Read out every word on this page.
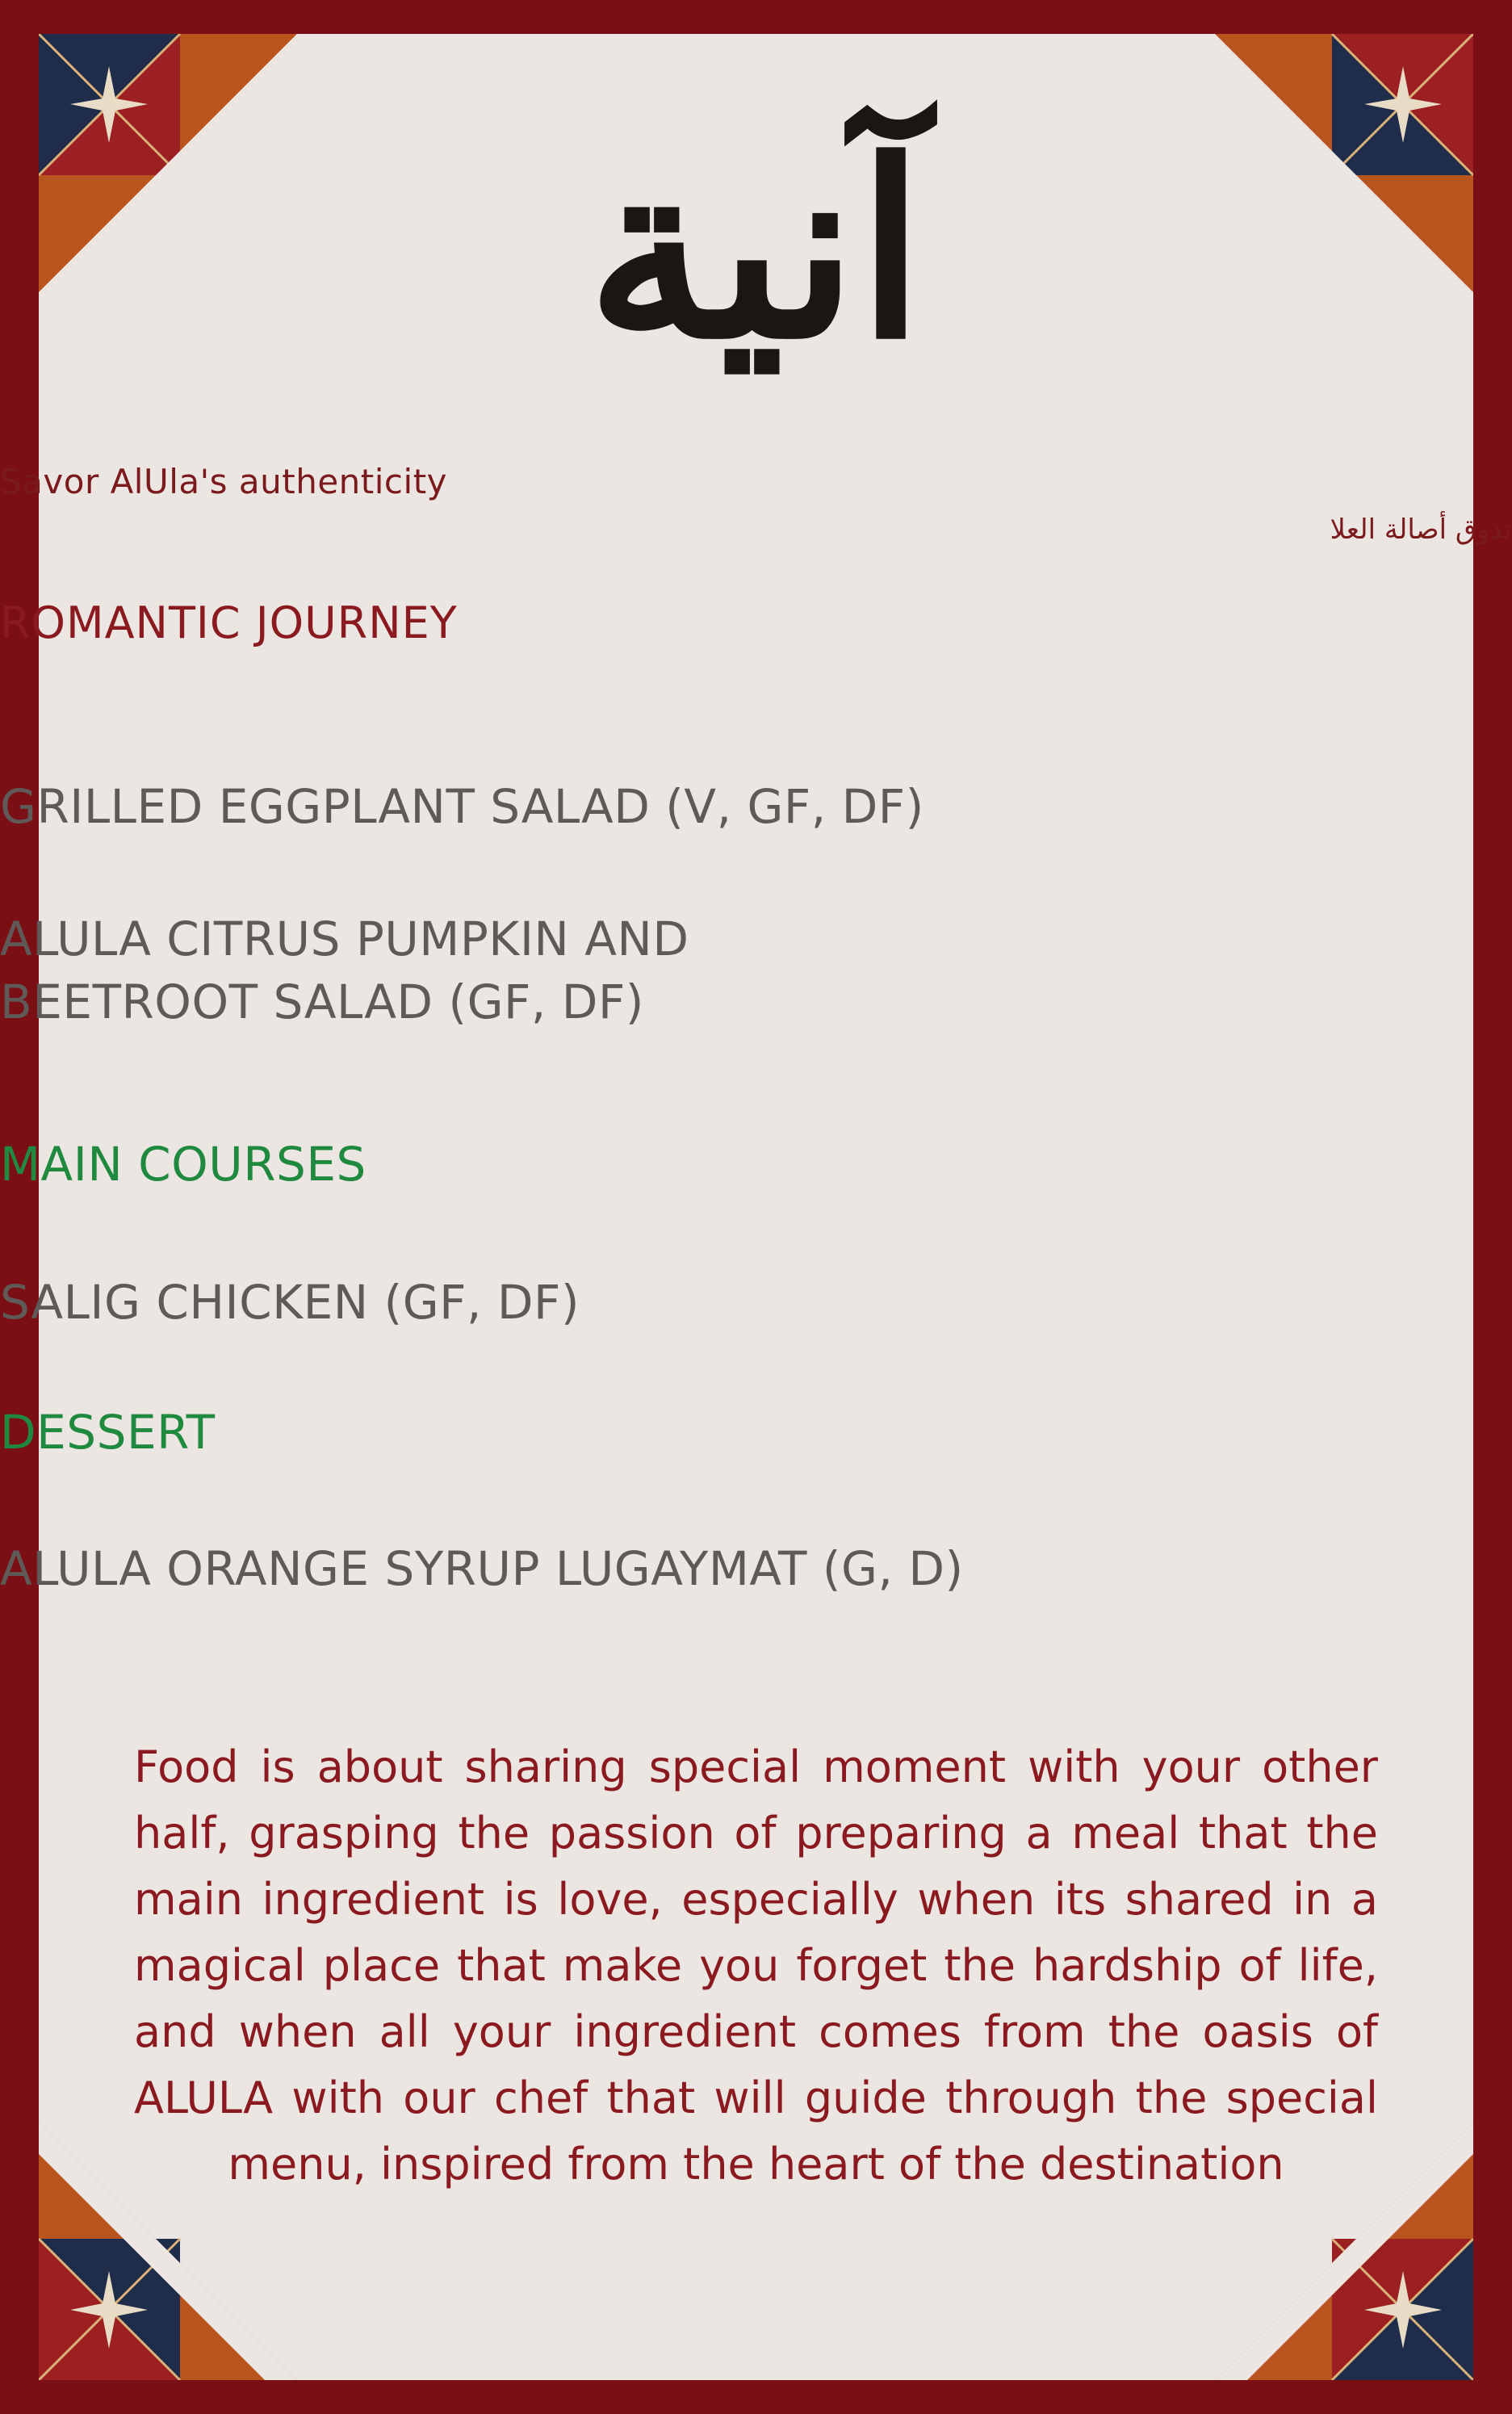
آنية
Savor AlUla's authenticity
تذوق أصالة العلا
ROMANTIC JOURNEY
GRILLED EGGPLANT SALAD (V, GF, DF)
ALULA CITRUS PUMPKIN AND
BEETROOT SALAD (GF, DF)
MAIN COURSES
SALIG CHICKEN (GF, DF)
DESSERT
ALULA ORANGE SYRUP LUGAYMAT (G, D)
Food is about sharing special moment with your other half, grasping the passion of preparing a meal that the main ingredient is love, especially when its shared in a magical place that make you forget the hardship of life, and when all your ingredient comes from the oasis of ALULA with our chef that will guide through the special menu, inspired from the heart of the destination
